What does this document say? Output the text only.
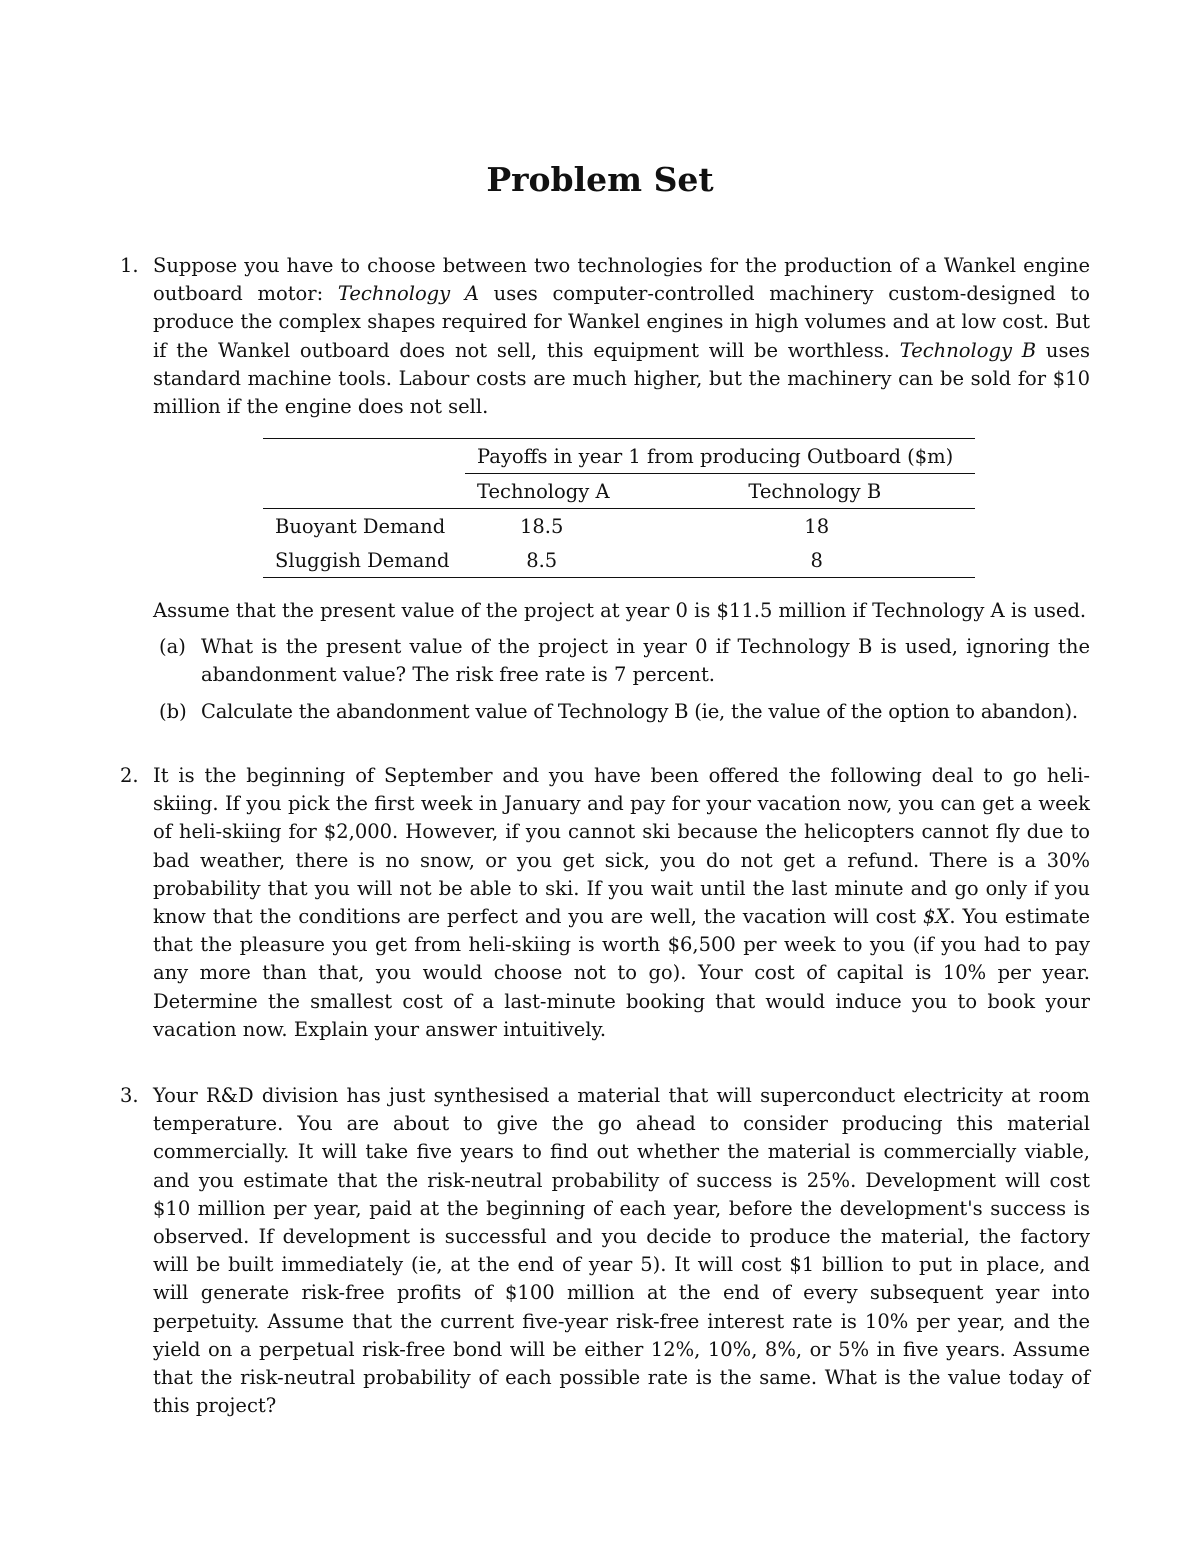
Problem Set
1. Suppose you have to choose between two technologies for the production of a Wankel engine outboard motor: Technology A uses computer-controlled machinery custom-designed to produce the complex shapes required for Wankel engines in high volumes and at low cost. But if the Wankel outboard does not sell, this equipment will be worthless. Technology B uses standard machine tools. Labour costs are much higher, but the machinery can be sold for $10 million if the engine does not sell.
	Payoffs in year 1 from producing Outboard ($m)	
	Technology A	Technology B
Buoyant Demand	18.5	18
Sluggish Demand	8.5	8
Assume that the present value of the project at year 0 is $11.5 million if Technology A is used.
(a) What is the present value of the project in year 0 if Technology B is used, ignoring the abandonment value? The risk free rate is 7 percent.
(b) Calculate the abandonment value of Technology B (ie, the value of the option to abandon).
2. It is the beginning of September and you have been offered the following deal to go heli-skiing. If you pick the first week in January and pay for your vacation now, you can get a week of heli-skiing for $2,000. However, if you cannot ski because the helicopters cannot fly due to bad weather, there is no snow, or you get sick, you do not get a refund. There is a 30% probability that you will not be able to ski. If you wait until the last minute and go only if you know that the conditions are perfect and you are well, the vacation will cost $X. You estimate that the pleasure you get from heli-skiing is worth $6,500 per week to you (if you had to pay any more than that, you would choose not to go). Your cost of capital is 10% per year. Determine the smallest cost of a last-minute booking that would induce you to book your vacation now. Explain your answer intuitively.
3. Your R&D division has just synthesised a material that will superconduct electricity at room temperature. You are about to give the go ahead to consider producing this material commercially. It will take five years to find out whether the material is commercially viable, and you estimate that the risk-neutral probability of success is 25%. Development will cost $10 million per year, paid at the beginning of each year, before the development's success is observed. If development is successful and you decide to produce the material, the factory will be built immediately (ie, at the end of year 5). It will cost $1 billion to put in place, and will generate risk-free profits of $100 million at the end of every subsequent year into perpetuity. Assume that the current five-year risk-free interest rate is 10% per year, and the yield on a perpetual risk-free bond will be either 12%, 10%, 8%, or 5% in five years. Assume that the risk-neutral probability of each possible rate is the same. What is the value today of this project?
